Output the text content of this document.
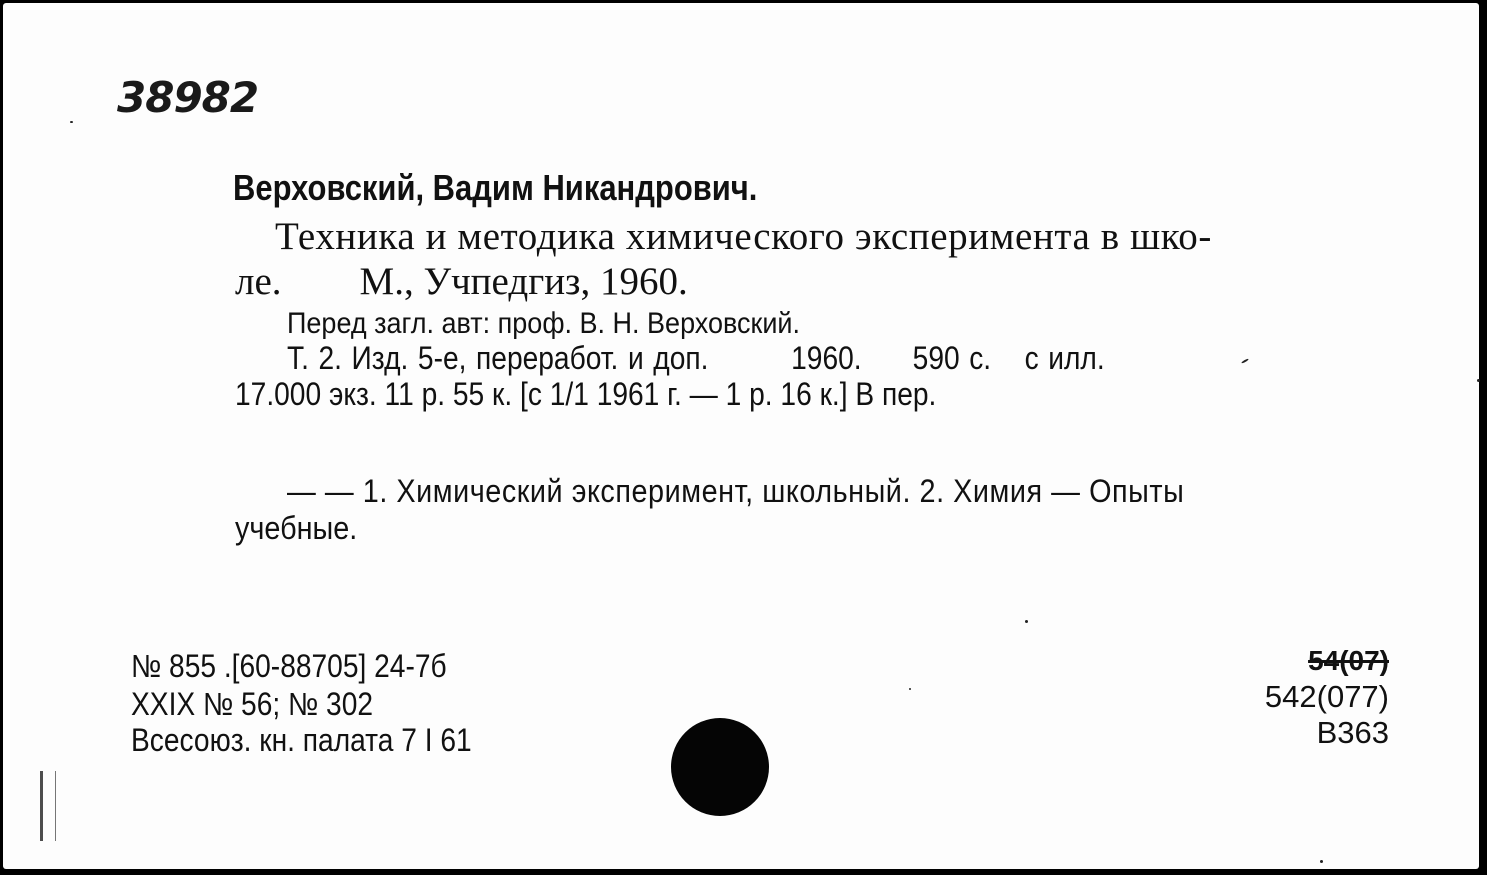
38982
Верховский, Вадим Никандрович.
Техника и методика химического эксперимента в шко-
ле. М., Учпедгиз, 1960.
Перед загл. авт: проф. В. Н. Верховский.
Т. 2. Изд. 5-е, переработ. и доп.	1960. 590 с. с илл.
17.000 экз. 11 р. 55 к. [с 1/1 1961 г. — 1 р. 16 к.] В пер.
— — 1. Химический эксперимент, школьный. 2. Химия — Опыты
учебные.
№ 855 .[60-88705] 24-7б
XXIX № 56; № 302
Всесоюз. кн. палата 7 I 61
54(07)
542(077)
В363
